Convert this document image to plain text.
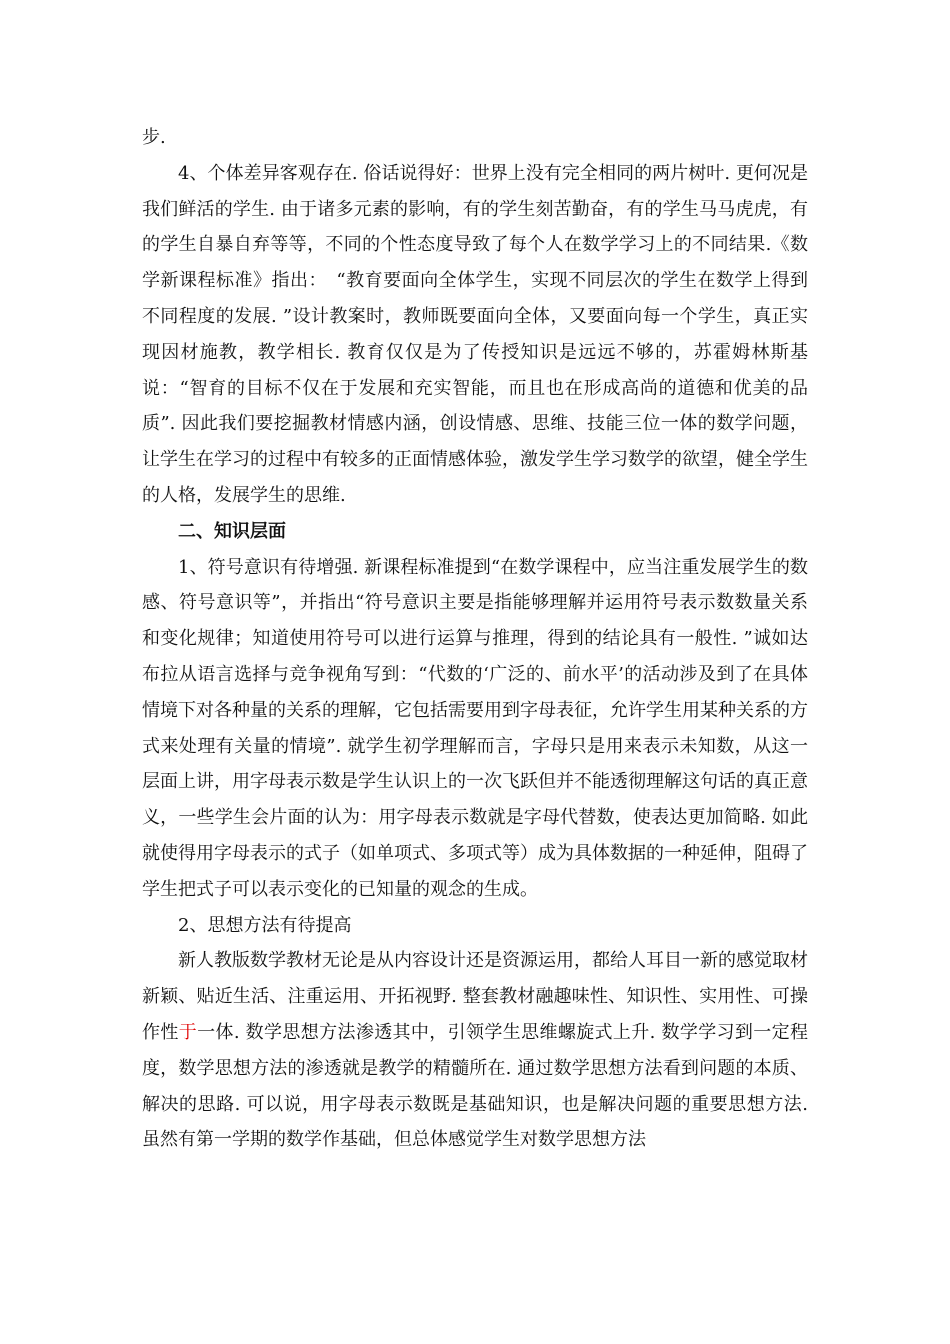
步.

4、个体差异客观存在. 俗话说得好：世界上没有完全相同的两片树叶. 更何况是我们鲜活的学生. 由于诸多元素的影响，有的学生刻苦勤奋，有的学生马马虎虎，有的学生自暴自弃等等，不同的个性态度导致了每个人在数学学习上的不同结果.《数学新课程标准》指出：　“教育要面向全体学生，实现不同层次的学生在数学上得到不同程度的发展. ”设计教案时，教师既要面向全体，又要面向每一个学生，真正实现因材施教，教学相长. 教育仅仅是为了传授知识是远远不够的，苏霍姆林斯基说：“智育的目标不仅在于发展和充实智能，而且也在形成高尚的道德和优美的品质”. 因此我们要挖掘教材情感内涵，创设情感、思维、技能三位一体的数学问题，让学生在学习的过程中有较多的正面情感体验，激发学生学习数学的欲望，健全学生的人格，发展学生的思维.

二、知识层面

1、符号意识有待增强. 新课程标准提到“在数学课程中，应当注重发展学生的数感、符号意识等”，并指出“符号意识主要是指能够理解并运用符号表示数数量关系和变化规律；知道使用符号可以进行运算与推理，得到的结论具有一般性. ”诚如达布拉从语言选择与竞争视角写到：“代数的‘广泛的、前水平’的活动涉及到了在具体情境下对各种量的关系的理解，它包括需要用到字母表征，允许学生用某种关系的方式来处理有关量的情境”. 就学生初学理解而言，字母只是用来表示未知数，从这一层面上讲，用字母表示数是学生认识上的一次飞跃但并不能透彻理解这句话的真正意义，一些学生会片面的认为：用字母表示数就是字母代替数，使表达更加简略. 如此就使得用字母表示的式子（如单项式、多项式等）成为具体数据的一种延伸，阻碍了学生把式子可以表示变化的已知量的观念的生成。

2、思想方法有待提高

新人教版数学教材无论是从内容设计还是资源运用，都给人耳目一新的感觉取材新颖、贴近生活、注重运用、开拓视野. 整套教材融趣味性、知识性、实用性、可操作性于一体. 数学思想方法渗透其中，引领学生思维螺旋式上升. 数学学习到一定程度，数学思想方法的渗透就是教学的精髓所在. 通过数学思想方法看到问题的本质、解决的思路. 可以说，用字母表示数既是基础知识，也是解决问题的重要思想方法. 虽然有第一学期的数学作基础，但总体感觉学生对数学思想方法
